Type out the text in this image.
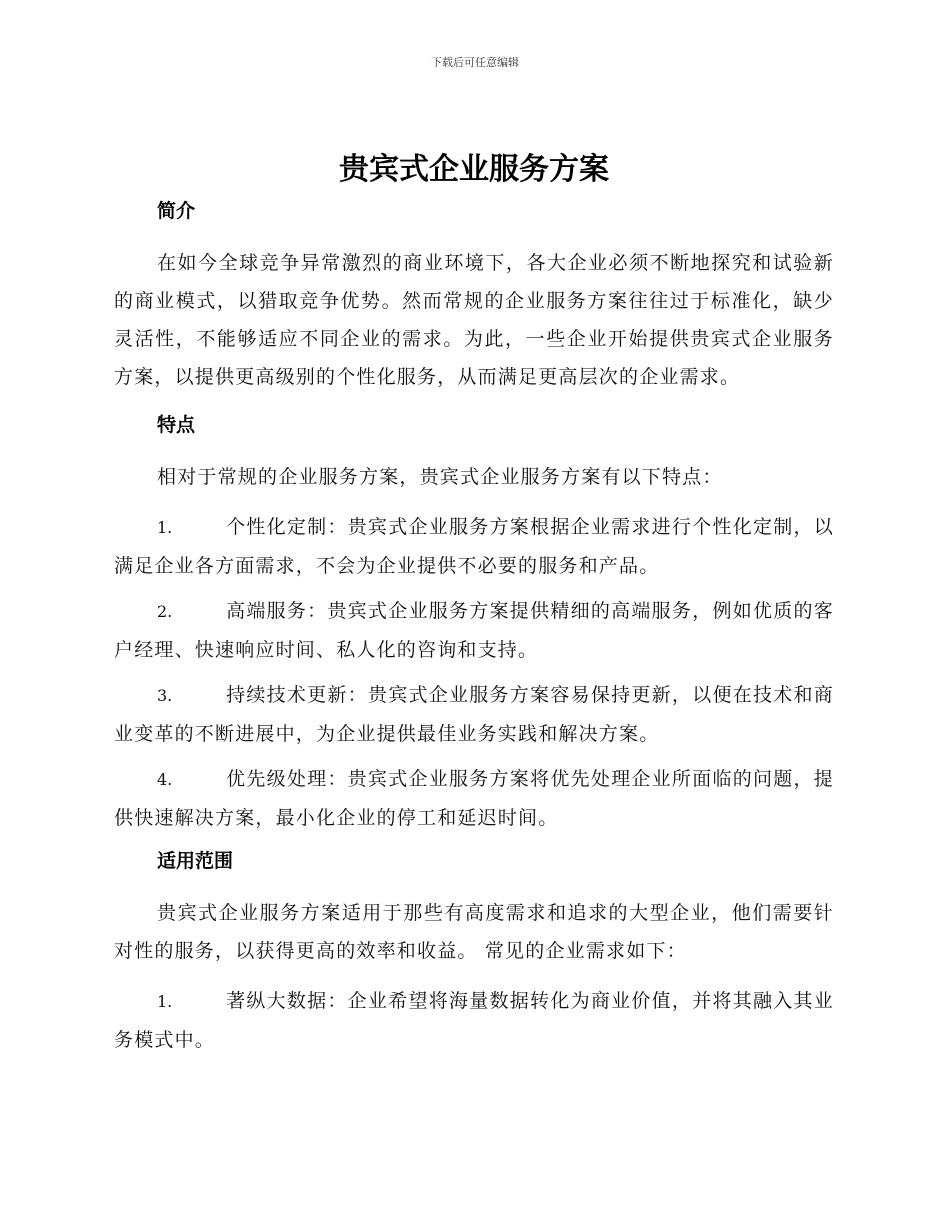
下载后可任意编辑
贵宾式企业服务方案
简介

在如今全球竞争异常激烈的商业环境下，各大企业必须不断地探究和试验新的商业模式，以猎取竞争优势。然而常规的企业服务方案往往过于标准化，缺少灵活性，不能够适应不同企业的需求。为此，一些企业开始提供贵宾式企业服务方案，以提供更高级别的个性化服务，从而满足更高层次的企业需求。

特点

相对于常规的企业服务方案，贵宾式企业服务方案有以下特点：

1.	个性化定制：贵宾式企业服务方案根据企业需求进行个性化定制，以满足企业各方面需求，不会为企业提供不必要的服务和产品。
2.	高端服务：贵宾式企业服务方案提供精细的高端服务，例如优质的客户经理、快速响应时间、私人化的咨询和支持。
3.	持续技术更新：贵宾式企业服务方案容易保持更新，以便在技术和商业变革的不断进展中，为企业提供最佳业务实践和解决方案。
4.	优先级处理：贵宾式企业服务方案将优先处理企业所面临的问题，提供快速解决方案，最小化企业的停工和延迟时间。
适用范围

贵宾式企业服务方案适用于那些有高度需求和追求的大型企业，他们需要针对性的服务，以获得更高的效率和收益。 常见的企业需求如下：

1.	著纵大数据：企业希望将海量数据转化为商业价值，并将其融入其业务模式中。
